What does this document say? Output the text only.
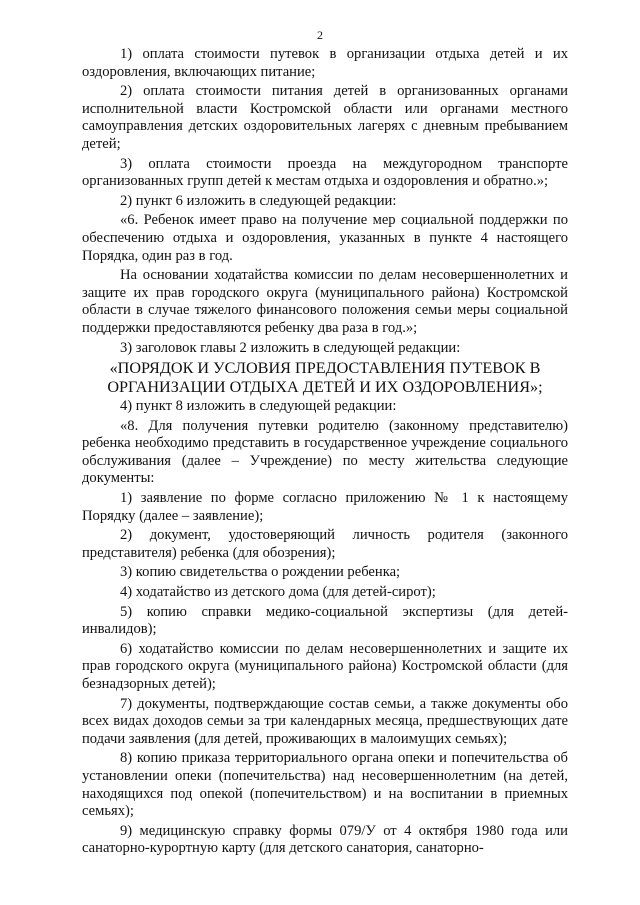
2

1) оплата стоимости путевок в организации отдыха детей и их оздоровления, включающих питание;

2) оплата стоимости питания детей в организованных органами исполнительной власти Костромской области или органами местного самоуправления детских оздоровительных лагерях с дневным пребыванием детей;

3) оплата стоимости проезда на междугородном транспорте организованных групп детей к местам отдыха и оздоровления и обратно.»;

2) пункт 6 изложить в следующей редакции:

«6. Ребенок имеет право на получение мер социальной поддержки по обеспечению отдыха и оздоровления, указанных в пункте 4 настоящего Порядка, один раз в год.

На основании ходатайства комиссии по делам несовершеннолетних и защите их прав городского округа (муниципального района) Костромской области в случае тяжелого финансового положения семьи меры социальной поддержки предоставляются ребенку два раза в год.»;

3) заголовок главы 2 изложить в следующей редакции:

«ПОРЯДОК И УСЛОВИЯ ПРЕДОСТАВЛЕНИЯ ПУТЕВОК В ОРГАНИЗАЦИИ ОТДЫХА ДЕТЕЙ И ИХ ОЗДОРОВЛЕНИЯ»;

4) пункт 8 изложить в следующей редакции:

«8. Для получения путевки родителю (законному представителю) ребенка необходимо представить в государственное учреждение социального обслуживания (далее – Учреждение) по месту жительства следующие документы:

1) заявление по форме согласно приложению № 1 к настоящему Порядку (далее – заявление);

2) документ, удостоверяющий личность родителя (законного представителя) ребенка (для обозрения);

3) копию свидетельства о рождении ребенка;

4) ходатайство из детского дома (для детей-сирот);

5) копию справки медико-социальной экспертизы (для детей-инвалидов);

6) ходатайство комиссии по делам несовершеннолетних и защите их прав городского округа (муниципального района) Костромской области (для безнадзорных детей);

7) документы, подтверждающие состав семьи, а также документы обо всех видах доходов семьи за три календарных месяца, предшествующих дате подачи заявления (для детей, проживающих в малоимущих семьях);

8) копию приказа территориального органа опеки и попечительства об установлении опеки (попечительства) над несовершеннолетним (на детей, находящихся под опекой (попечительством) и на воспитании в приемных семьях);

9) медицинскую справку формы 079/У от 4 октября 1980 года или санаторно-курортную карту (для детского санатория, санаторно-
